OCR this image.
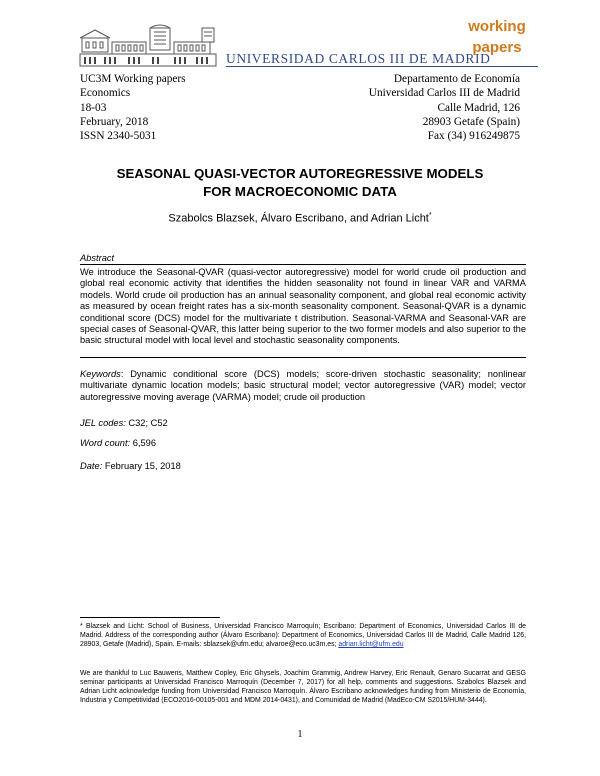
UNIVERSIDAD CARLOS III DE MADRID
working
papers
UC3M Working papers
Economics
18-03
February, 2018
ISSN 2340-5031
Departamento de Economía
Universidad Carlos III de Madrid
Calle Madrid, 126
28903 Getafe (Spain)
Fax (34) 916249875
SEASONAL QUASI-VECTOR AUTOREGRESSIVE MODELS
FOR MACROECONOMIC DATA
Szabolcs Blazsek, Álvaro Escribano, and Adrian Licht*
Abstract
We introduce the Seasonal-QVAR (quasi-vector autoregressive) model for world crude oil production and global real economic activity that identifies the hidden seasonality not found in linear VAR and VARMA models. World crude oil production has an annual seasonality component, and global real economic activity as measured by ocean freight rates has a six-month seasonality component. Seasonal-QVAR is a dynamic conditional score (DCS) model for the multivariate t distribution. Seasonal-VARMA and Seasonal-VAR are special cases of Seasonal-QVAR, this latter being superior to the two former models and also superior to the basic structural model with local level and stochastic seasonality components.
Keywords: Dynamic conditional score (DCS) models; score-driven stochastic seasonality; nonlinear multivariate dynamic location models; basic structural model; vector autoregressive (VAR) model; vector autoregressive moving average (VARMA) model; crude oil production
JEL codes: C32; C52
Word count: 6,596
Date: February 15, 2018
* Blazsek and Licht: School of Business, Universidad Francisco Marroquín; Escribano: Department of Economics, Universidad Carlos III de Madrid. Address of the corresponding author (Álvaro Escribano): Department of Economics, Universidad Carlos III de Madrid, Calle Madrid 126, 28903, Getafe (Madrid), Spain. E-mails: sblazsek@ufm.edu; alvaroe@eco.uc3m.es; adrian.licht@ufm.edu
We are thankful to Luc Bauwens, Matthew Copley, Eric Ghysels, Joachim Grammig, Andrew Harvey, Eric Renault, Genaro Sucarrat and GESG seminar participants at Universidad Francisco Marroquín (December 7, 2017) for all help, comments and suggestions. Szabolcs Blazsek and Adrian Licht acknowledge funding from Universidad Francisco Marroquín. Álvaro Escribano acknowledges funding from Ministerio de Economía, Industria y Competitividad (ECO2016-00105-001 and MDM 2014-0431), and Comunidad de Madrid (MadEco-CM S2015/HUM-3444).
1
